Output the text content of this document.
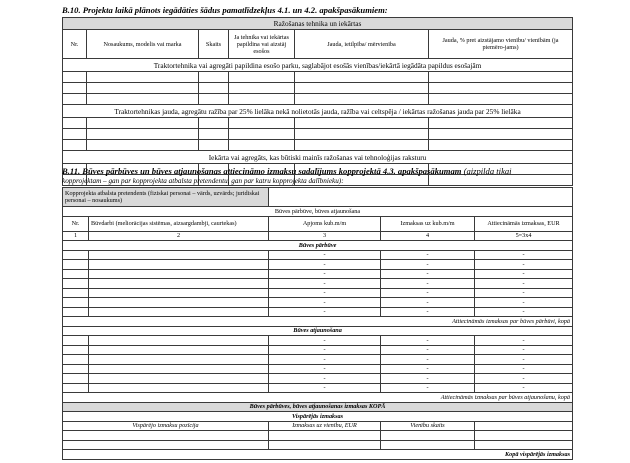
B.10. Projekta laikā plānots iegādāties šādus pamatlīdzekļus 4.1. un 4.2. apakšpasākumiem:
Ražošanas tehnika un iekārtas					
Nr.	Nosaukums, modelis vai marka	Skaits	Ja tehnika vai iekārtas papildina vai aizstāj esošos	Jauda, ietilpība/ mērvienība	Jauda, % pret aizstājamo vienību/ vienībām (ja piemēro-jams)
Traktortehnika vai agregāti papildina esošo parku, saglabājot esošās vienības/iekārtā iegādāta papildus esošajām					

Traktortehnikas jauda, agregātu ražība par 25% lielāka nekā nolietotās jauda, ražība vai celtspēja / iekārtas ražošanas jauda par 25% lielāka					

Iekārta vai agregāts, kas būtiski mainīs ražošanas vai tehnoloģijas raksturu					

B.11. Būves pārbūves un būves atjaunošanas attiecināmo izmaksu sadalījums kopprojektā 4.3. apakšpasākumam (aizpilda tikai
kopprojektam – gan par kopprojekta atbalsta pretendentu, gan par katru kopprojekta dalībnieku):
Kopprojekta atbalsta pretendents (fiziskai personai – vārds, uzvārds; juridiskai personai – nosaukums)				
Būves pārbūve, būves atjaunošana				
Nr.	Būvdarbi (meliorācijas sistēmas, aizsargdambji, caurtekas)	Apjoms kub.m/m	Izmaksas uz kub.m/m	Attiecināmās izmaksas, EUR
1	2	3	4	5=3x4
Būves pārbūve				
		-	-	-
		-	-	-
		-	-	-
		-	-	-
		-	-	-
		-	-	-
		-	-	-
Attiecināmās izmaksas par būves pārbūvi, kopā				
Būves atjaunošana				
		-	-	-
		-	-	-
		-	-	-
		-	-	-
		-	-	-
		-	-	-
Attiecināmās izmaksas par būves atjaunošanu, kopā				
Būves pārbūves, būves atjaunošanas izmaksas KOPĀ				
Vispārējās izmaksas				
Vispārējo izmaksu pozīcija		Izmaksas uz vienību, EUR	Vienību skaits	

Kopā vispārējās izmaksas				
